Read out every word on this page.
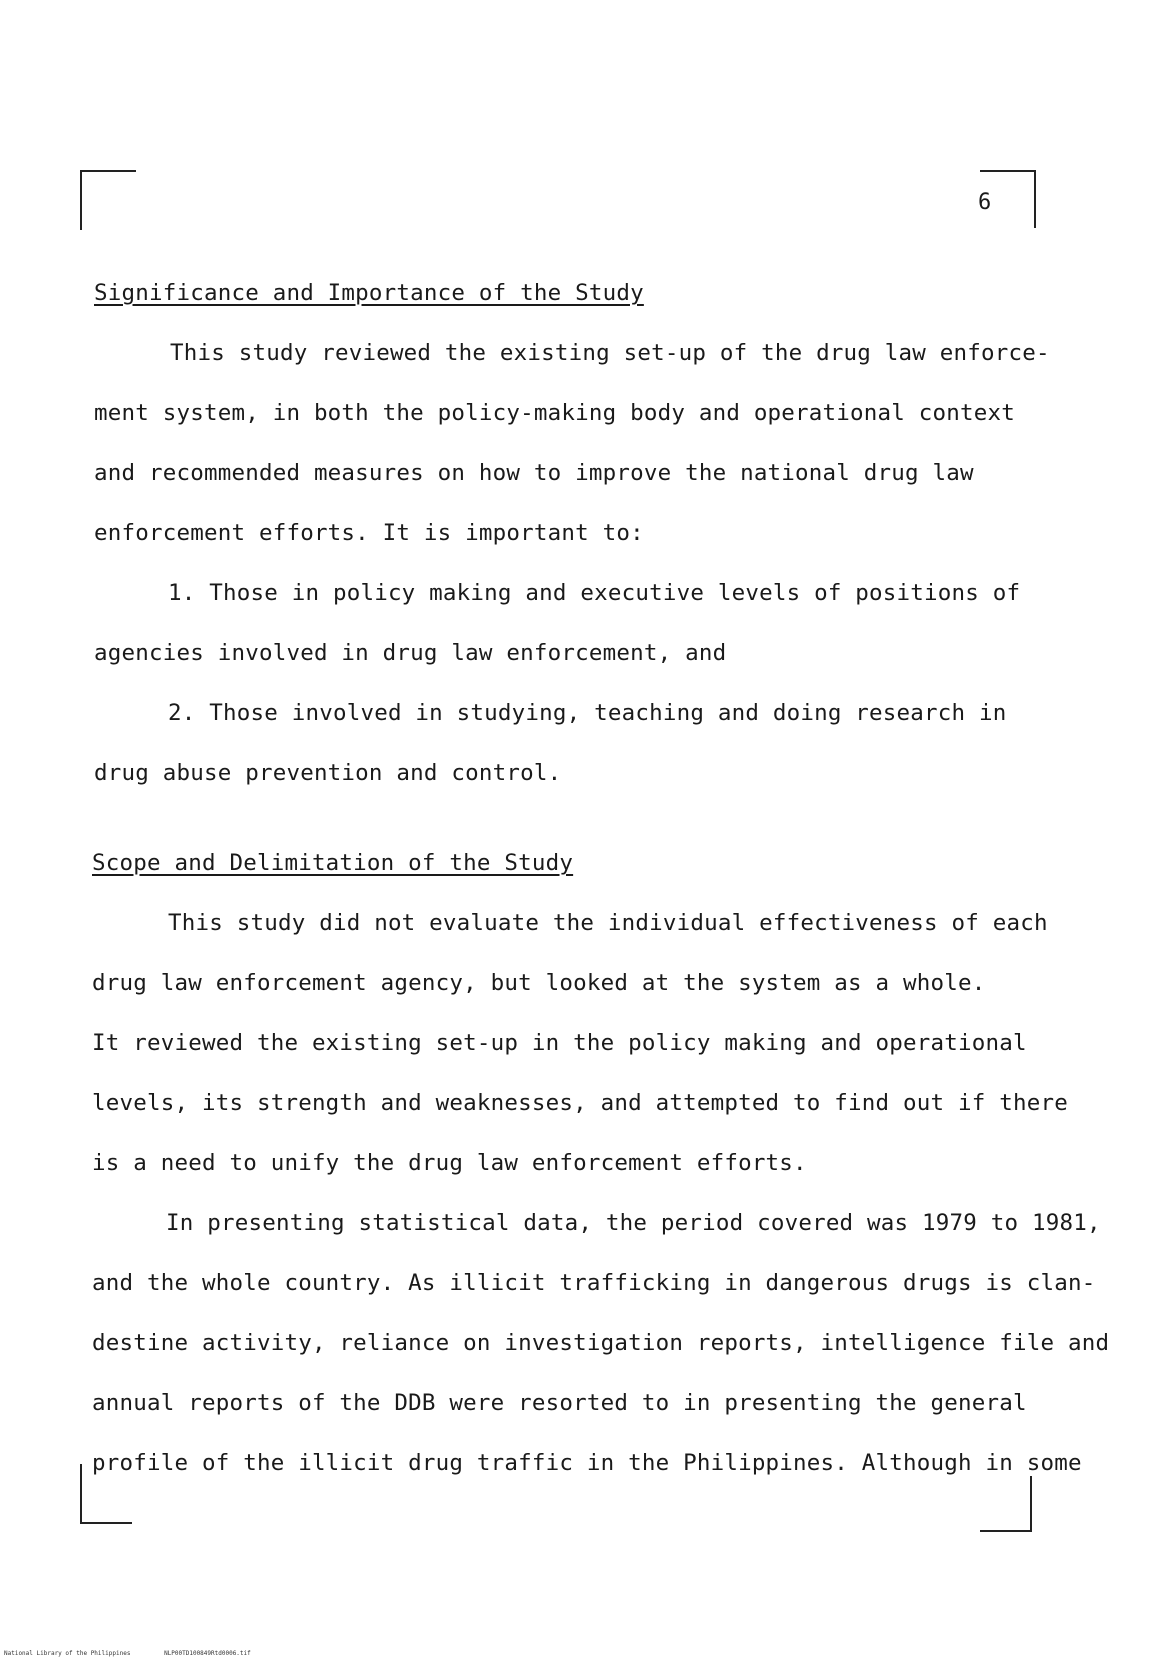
6
Significance and Importance of the Study
This study reviewed the existing set-up of the drug law enforce-
ment system, in both the policy-making body and operational context
and recommended measures on how to improve the national drug law
enforcement efforts. It is important to:
1. Those in policy making and executive levels of positions of
agencies involved in drug law enforcement, and
2. Those involved in studying, teaching and doing research in
drug abuse prevention and control.
Scope and Delimitation of the Study
This study did not evaluate the individual effectiveness of each
drug law enforcement agency, but looked at the system as a whole.
It reviewed the existing set-up in the policy making and operational
levels, its strength and weaknesses, and attempted to find out if there
is a need to unify the drug law enforcement efforts.
In presenting statistical data, the period covered was 1979 to 1981,
and the whole country. As illicit trafficking in dangerous drugs is clan-
destine activity, reliance on investigation reports, intelligence file and
annual reports of the DDB were resorted to in presenting the general
profile of the illicit drug traffic in the Philippines. Although in some
National Library of the Philippines	NLP00TD100849Rtd0006.tif
